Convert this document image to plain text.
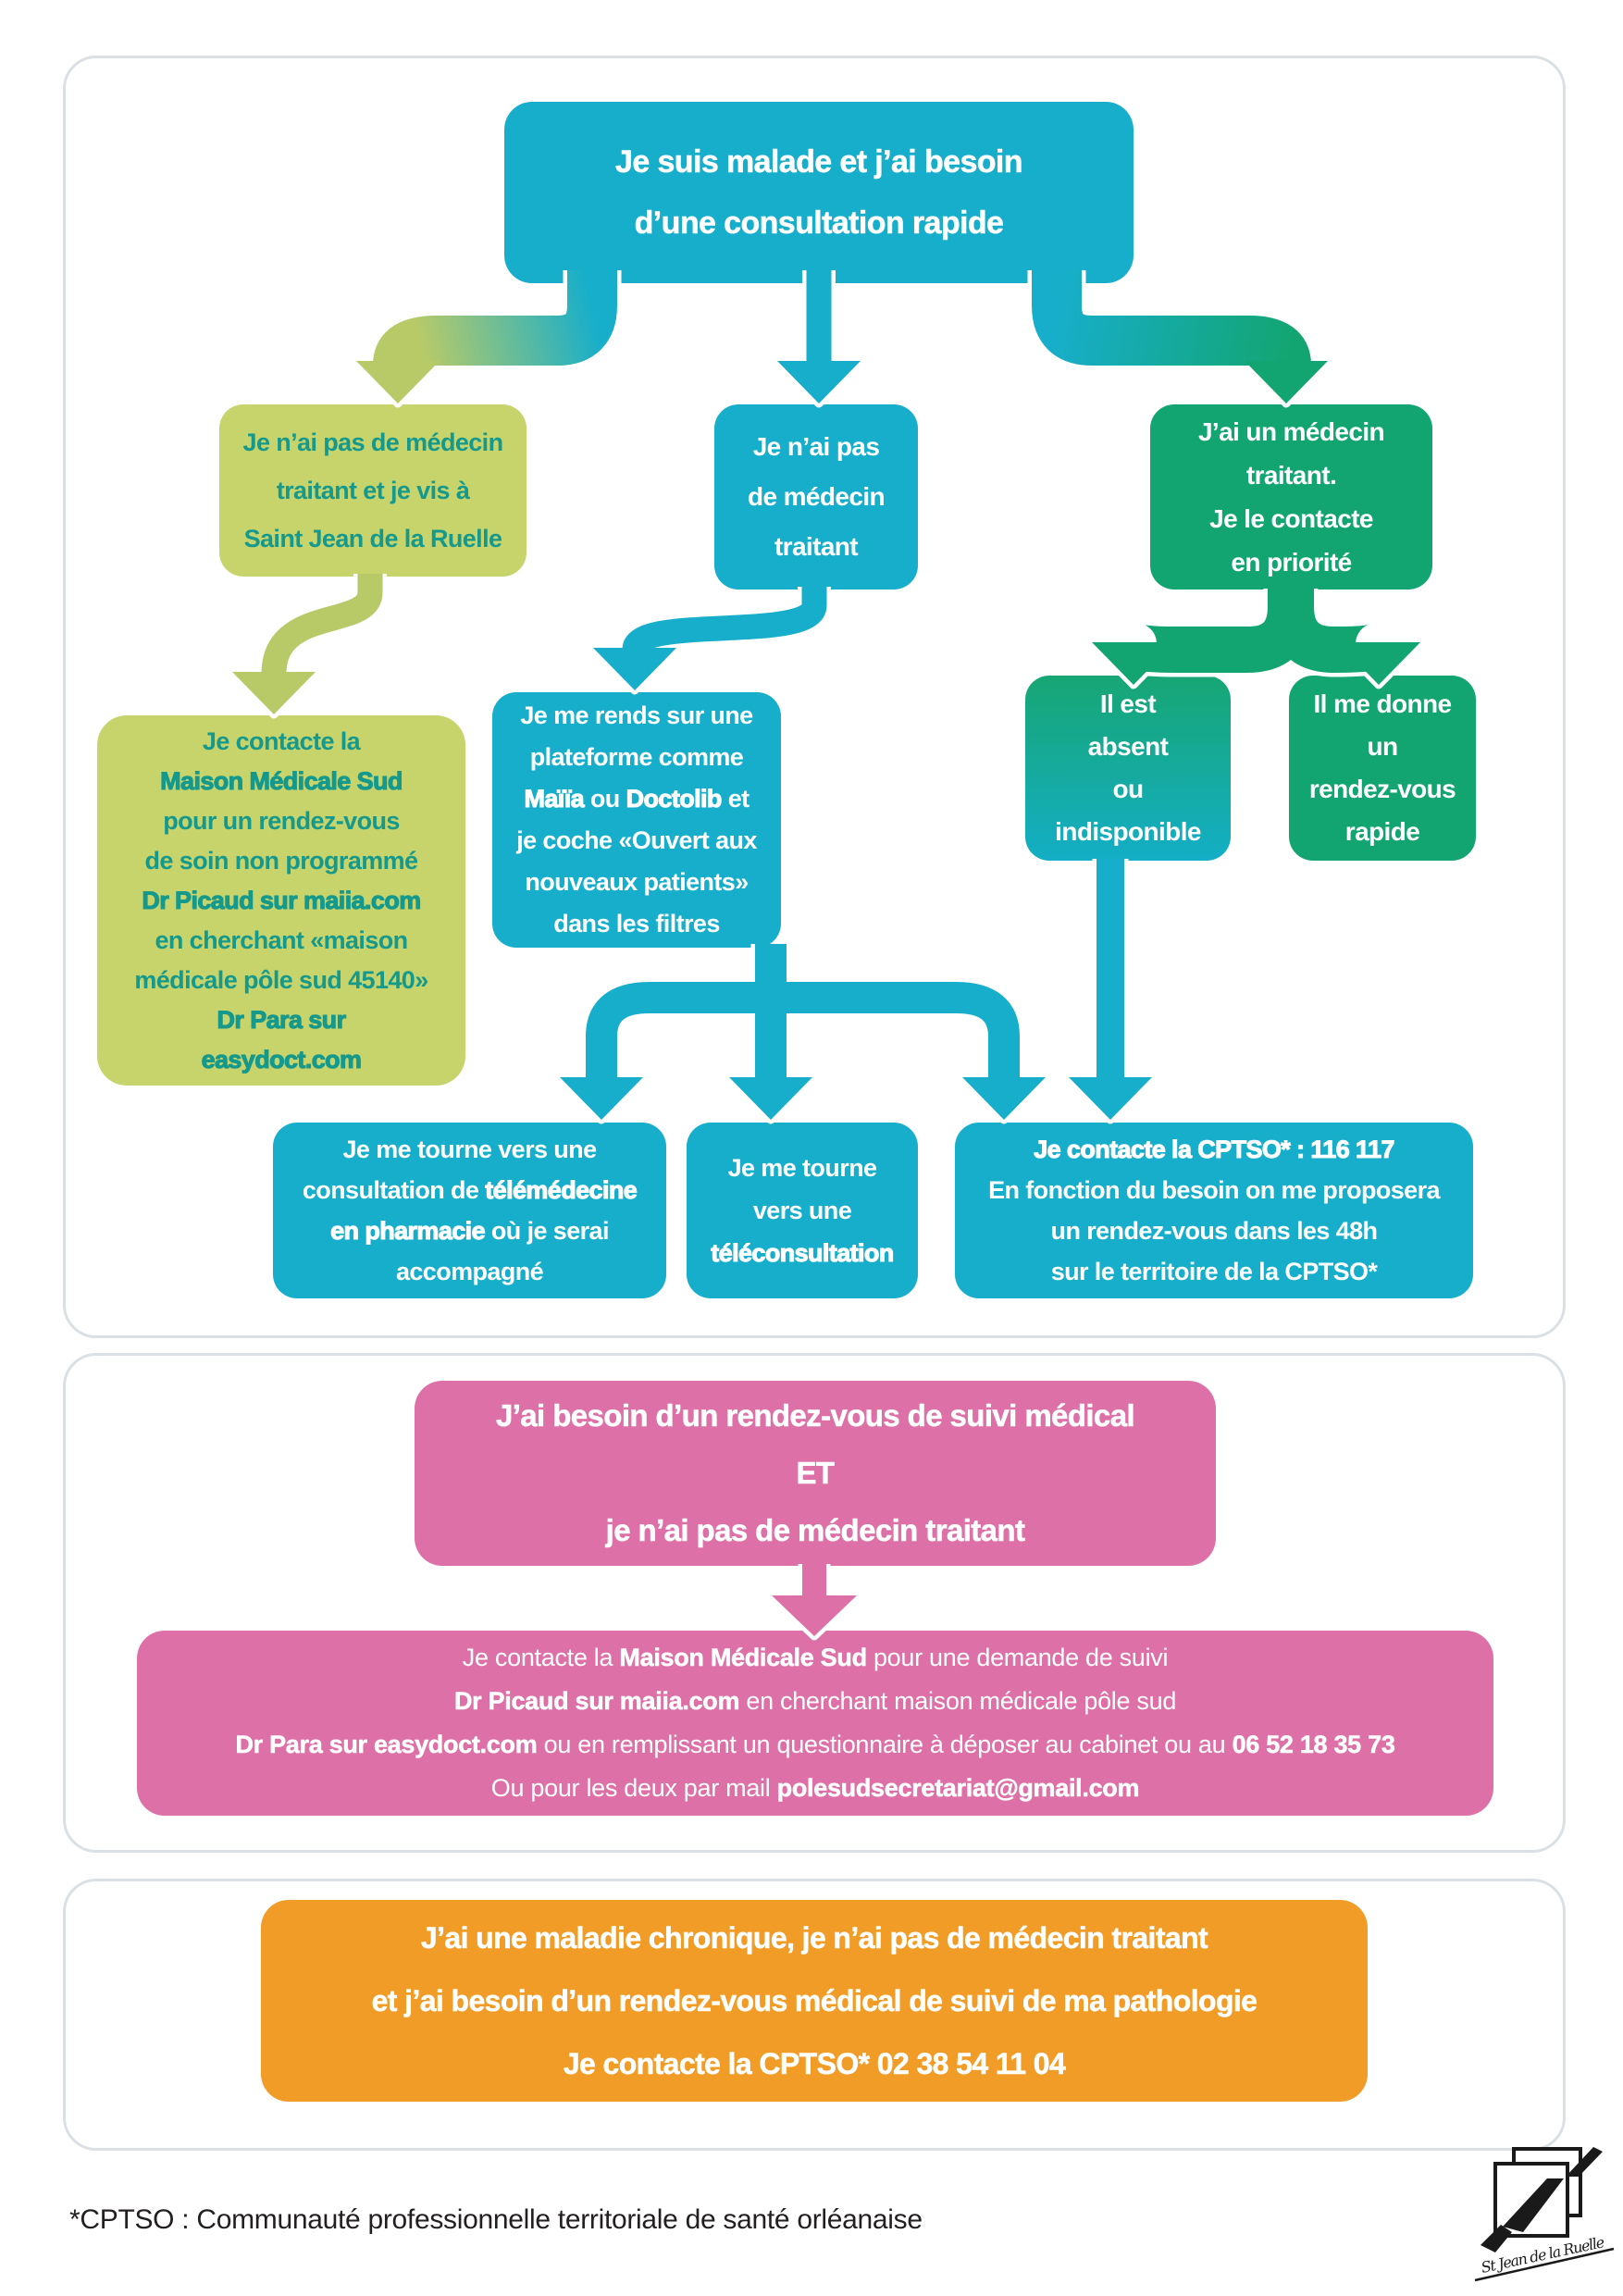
Je suis malade et j’ai besoin
d’une consultation rapide
Je n’ai pas de médecin
traitant et je vis à
Saint Jean de la Ruelle
Je n’ai pas
de médecin
traitant
J’ai un médecin
traitant.
Je le contacte
en priorité
Je contacte la
Maison Médicale Sud
pour un rendez-vous
de soin non programmé
Dr Picaud sur maiia.com
en cherchant «maison
médicale pôle sud 45140»
Dr Para sur
easydoct.com
Je me rends sur une
plateforme comme
Maïïa ou Doctolib et
je coche «Ouvert aux
nouveaux patients»
dans les filtres
Il est
absent
ou
indisponible
Il me donne
un
rendez-vous
rapide
Je me tourne vers une
consultation de télémédecine
en pharmacie où je serai
accompagné
Je me tourne
vers une
téléconsultation
Je contacte la CPTSO* : 116 117
En fonction du besoin on me proposera
un rendez-vous dans les 48h
sur le territoire de la CPTSO*
J’ai besoin d’un rendez-vous de suivi médical
ET
je n’ai pas de médecin traitant
Je contacte la Maison Médicale Sud pour une demande de suivi
Dr Picaud sur maiia.com en cherchant maison médicale pôle sud
Dr Para sur easydoct.com ou en remplissant un questionnaire à déposer au cabinet ou au 06 52 18 35 73
Ou pour les deux par mail polesudsecretariat@gmail.com
J’ai une maladie chronique, je n’ai pas de médecin traitant
et j’ai besoin d’un rendez-vous médical de suivi de ma pathologie
Je contacte la CPTSO* 02 38 54 11 04
*CPTSO : Communauté professionnelle territoriale de santé orléanaise
St Jean de la Ruelle
